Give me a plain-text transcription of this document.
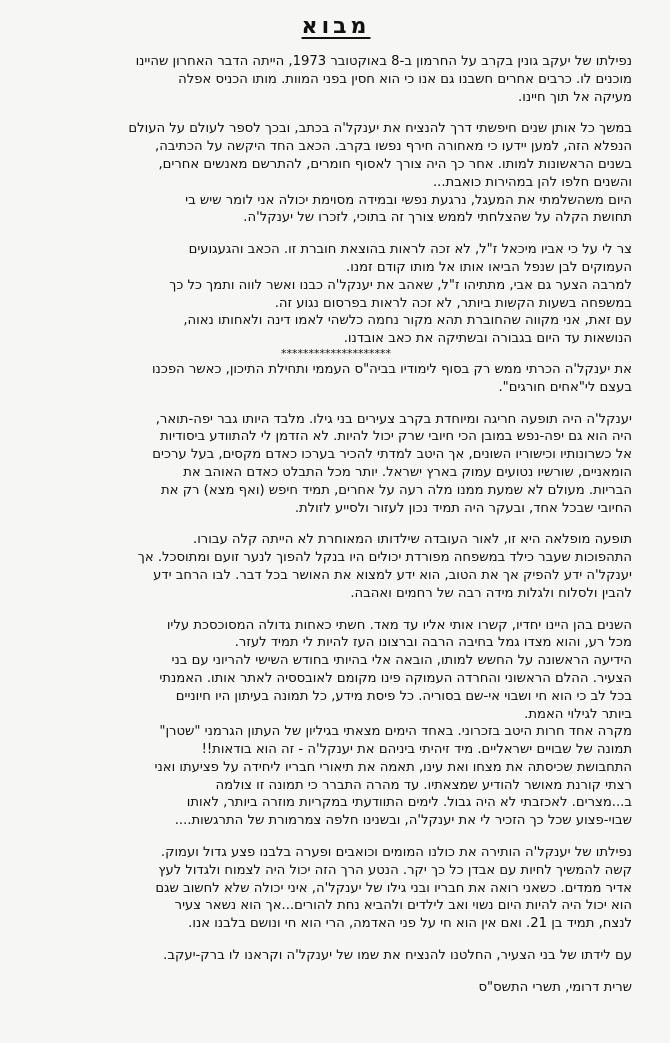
מבוא
נפילתו של יעקב גונין בקרב על החרמון ב-8 באוקטובר 1973, הייתה הדבר האחרון שהיינו
מוכנים לו. כרבים אחרים חשבנו גם אנו כי הוא חסין בפני המוות. מותו הכניס אפלה
מעיקה אל תוך חיינו.
במשך כל אותן שנים חיפשתי דרך להנציח את יענקל'ה בכתב, ובכך לספר לעולם על העולם
הנפלא הזה, למען יידעו כי מאחורה חירף נפשו בקרב. הכאב החד היקשה על הכתיבה,
בשנים הראשונות למותו. אחר כך היה צורך לאסוף חומרים, להתרשם מאנשים אחרים,
והשנים חלפו להן במהירות כואבת...
היום משהשלמתי את המעגל, נרגעת נפשי ובמידה מסוימת יכולה אני לומר שיש בי
תחושת הקלה על שהצלחתי לממש צורך זה בתוכי, לזכרו של יענקל'ה.
צר לי על כי אביו מיכאל ז"ל, לא זכה לראות בהוצאת חוברת זו. הכאב והגעגועים
העמוקים לבן שנפל הביאו אותו אל מותו קודם זמנו.
למרבה הצער גם אבי, מתתיהו ז"ל, שאהב את יענקל'ה כבנו ואשר לווה ותמך כל כך
במשפחה בשעות הקשות ביותר, לא זכה לראות בפרסום נגוע זה.
עם זאת, אני מקווה שהחוברת תהא מקור נחמה כלשהי לאמו דינה ולאחותו נאוה,
הנושאות עד היום בגבורה ובשתיקה את כאב אובדנו.
********************
את יענקל'ה הכרתי ממש רק בסוף לימודיו בביה"ס העממי ותחילת התיכון, כאשר הפכנו
בעצם לי"אחים חורגים".
יענקל'ה היה תופעה חריגה ומיוחדת בקרב צעירים בני גילו. מלבד היותו גבר יפה-תואר,
היה הוא גם יפה-נפש במובן הכי חיובי שרק יכול להיות. לא הזדמן לי להתוודע ביסודיות
אל כשרונותיו וכישוריו השונים, אך היטב למדתי להכיר בערכו כאדם מקסים, בעל ערכים
הומאניים, שורשיו נטועים עמוק בארץ ישראל. יותר מכל התבלט כאדם האוהב את
הבריות. מעולם לא שמעת ממנו מלה רעה על אחרים, תמיד חיפש (ואף מצא) רק את
החיובי שבכל אחד, ובעקר היה תמיד נכון לעזור ולסייע לזולת.
תופעה מופלאה היא זו, לאור העובדה שילדותו המאוחרת לא הייתה קלה עבורו.
התהפוכות שעבר כילד במשפחה מפורדת יכולים היו בנקל להפוך לנער זועם ומתוסכל. אך
יענקל'ה ידע להפיק אך את הטוב, הוא ידע למצוא את האושר בכל דבר. לבו הרחב ידע
להבין ולסלוח ולגלות מידה רבה של רחמים ואהבה.
השנים בהן היינו יחדיו, קשרו אותי אליו עד מאד. חשתי כאחות גדולה המסוכסכת עליו
מכל רע, והוא מצדו גמל בחיבה הרבה וברצונו העז להיות לי תמיד לעזר.
הידיעה הראשונה על החשש למותו, הובאה אלי בהיותי בחודש השישי להריוני עם בני
הצעיר. ההלם הראשוני והחרדה העמוקה פינו מקומם לאובססיה לאתר אותו. האמנתי
בכל לב כי הוא חי ושבוי אי-שם בסוריה. כל פיסת מידע, כל תמונה בעיתון היו חיוניים
ביותר לגילוי האמת.
מקרה אחד חרות היטב בזכרוני. באחד הימים מצאתי בגיליון של העתון הגרמני "שטרן"
תמונה של שבויים ישראליים. מיד זיהיתי ביניהם את יענקל'ה - זה הוא בודאות!!
התחבושת שכיסתה את מצחו ואת עינו, תאמה את תיאורי חבריו ליחידה על פציעתו ואני
רצתי קורנת מאושר להודיע שמצאתיו. עד מהרה התברר כי תמונה זו צולמה
ב...מצרים. לאכזבתי לא היה גבול. לימים התוודעתי במקריות מוזרה ביותר, לאותו
שבוי-פצוע שכל כך הזכיר לי את יענקל'ה, ובשנינו חלפה צמרמורת של התרגשות....
נפילתו של יענקל'ה הותירה את כולנו המומים וכואבים ופערה בלבנו פצע גדול ועמוק.
קשה להמשיך לחיות עם אבדן כל כך יקר. הנטע הרך הזה יכול היה לצמוח ולגדול לעץ
אדיר ממדים. כשאני רואה את חבריו ובני גילו של יענקל'ה, איני יכולה שלא לחשוב שגם
הוא יכול היה להיות היום נשוי ואב לילדים ולהביא נחת להורים...אך הוא נשאר צעיר
לנצח, תמיד בן 21. ואם אין הוא חי על פני האדמה, הרי הוא חי ונושם בלבנו אנו.
עם לידתו של בני הצעיר, החלטנו להנציח את שמו של יענקל'ה וקראנו לו ברק-יעקב.
שרית דרומי, תשרי התשס"ס
